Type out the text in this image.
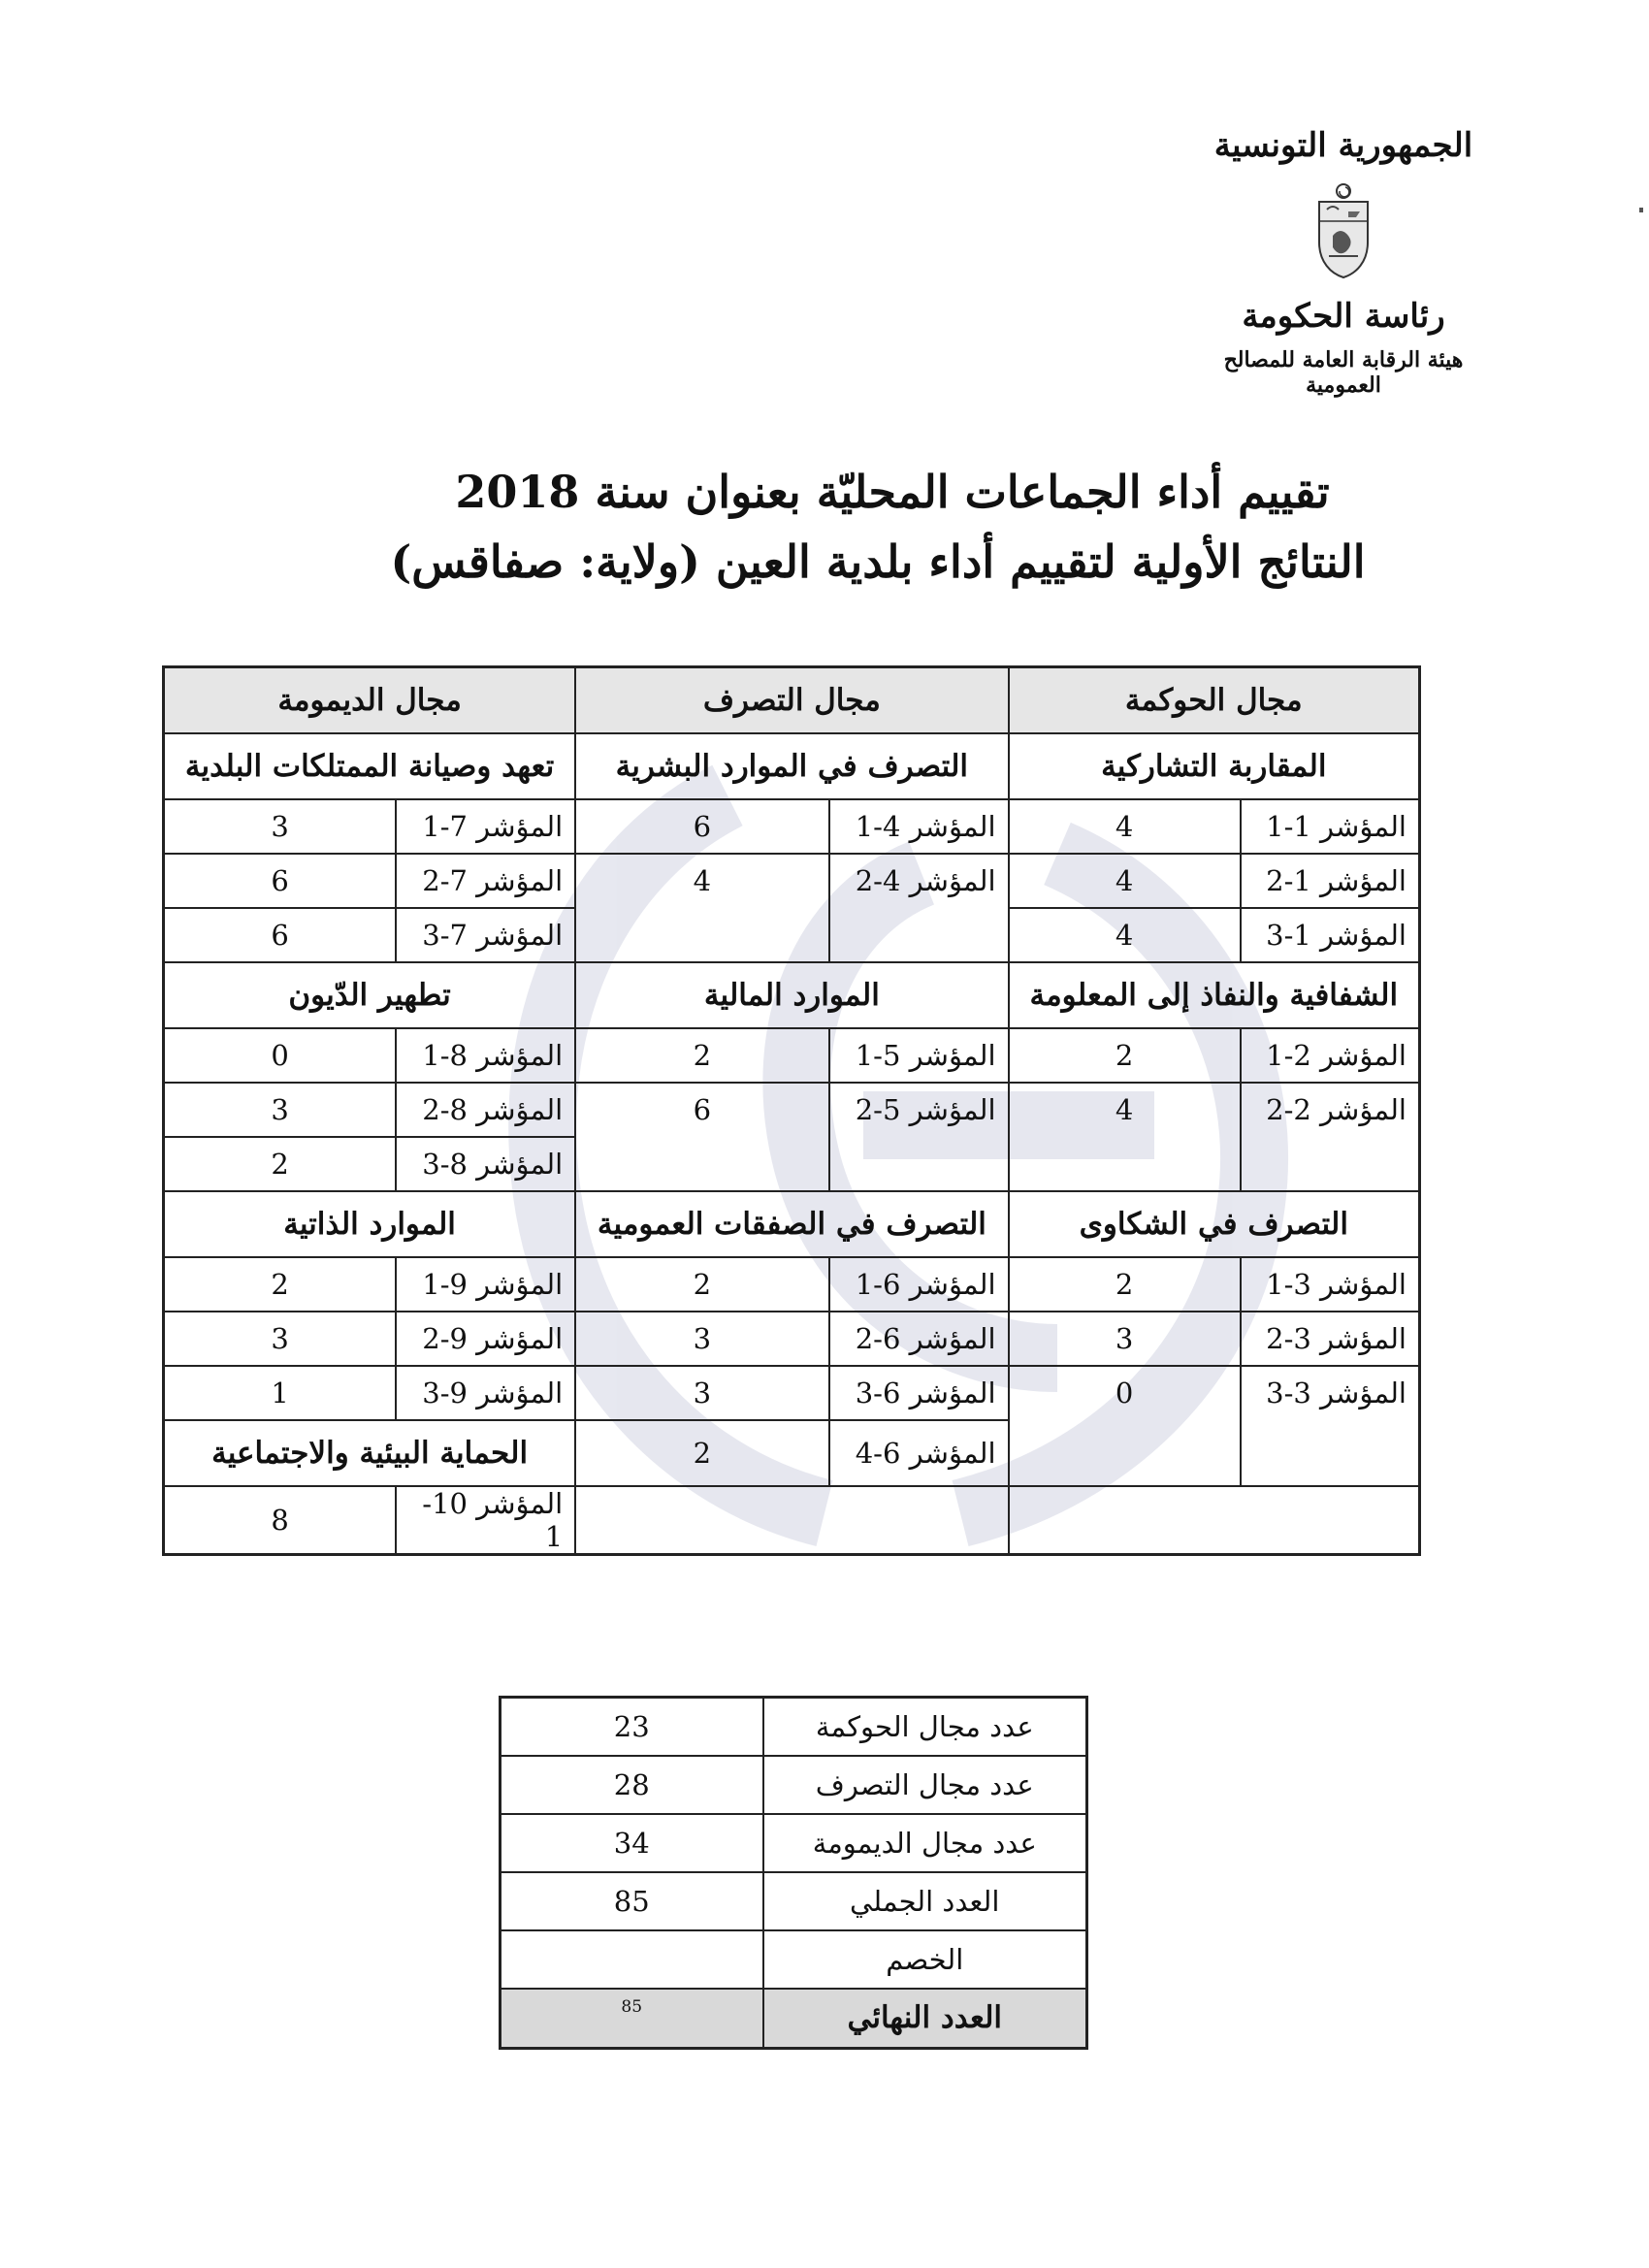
الجمهورية التونسية
رئاسة الحكومة
هيئة الرقابة العامة للمصالح العمومية
تقييم أداء الجماعات المحليّة بعنوان سنة 2018
النتائج الأولية لتقييم أداء بلدية العين (ولاية: صفاقس)
مجال الحوكمة		مجال التصرف		مجال الديمومة	
المقاربة التشاركية		التصرف في الموارد البشرية		تعهد وصيانة الممتلكات البلدية	
المؤشر 1-1	4	المؤشر 4-1	6	المؤشر 7-1	3
المؤشر 1-2	4	المؤشر 4-2	4	المؤشر 7-2	6
المؤشر 1-3	4			المؤشر 7-3	6
الشفافية والنفاذ إلى المعلومة		الموارد المالية		تطهير الدّيون	
المؤشر 2-1	2	المؤشر 5-1	2	المؤشر 8-1	0
المؤشر 2-2	4	المؤشر 5-2	6	المؤشر 8-2	3
				المؤشر 8-3	2
التصرف في الشكاوى		التصرف في الصفقات العمومية		الموارد الذاتية	
المؤشر 3-1	2	المؤشر 6-1	2	المؤشر 9-1	2
المؤشر 3-2	3	المؤشر 6-2	3	المؤشر 9-2	3
المؤشر 3-3	0	المؤشر 6-3	3	المؤشر 9-3	1
		المؤشر 6-4	2	الحماية البيئية والاجتماعية	
				المؤشر 10-1	8

عدد مجال الحوكمة	23
عدد مجال التصرف	28
عدد مجال الديمومة	34
العدد الجملي	85
الخصم	
العدد النهائي	85
